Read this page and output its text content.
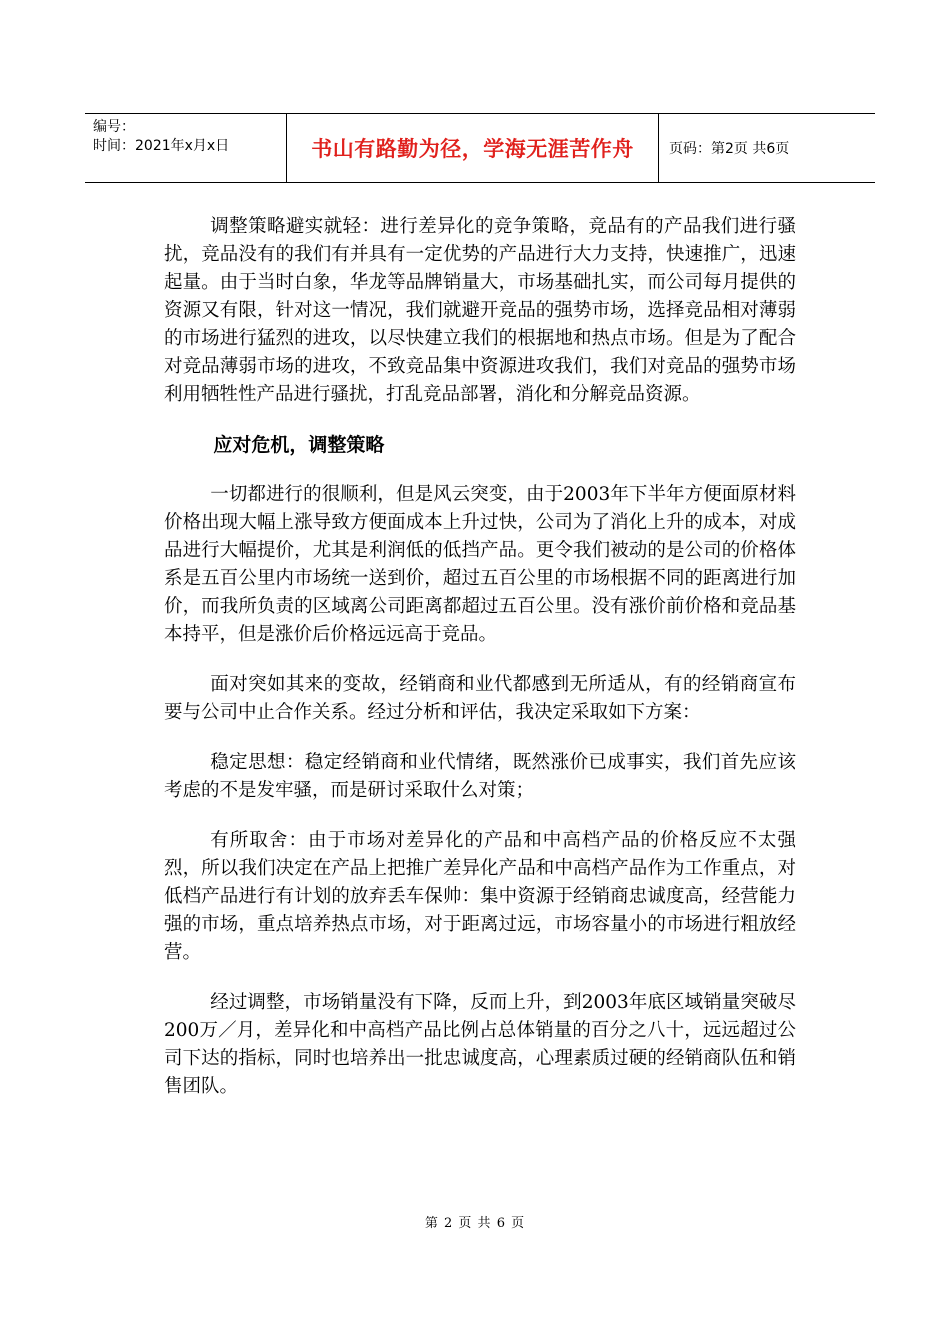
编号：
时间：2021年x月x日	书山有路勤为径，学海无涯苦作舟	页码：第2页 共6页

调整策略避实就轻：进行差异化的竞争策略，竞品有的产品我们进行骚扰，竞品没有的我们有并具有一定优势的产品进行大力支持，快速推广，迅速起量。由于当时白象，华龙等品牌销量大，市场基础扎实，而公司每月提供的资源又有限，针对这一情况，我们就避开竞品的强势市场，选择竞品相对薄弱的市场进行猛烈的进攻，以尽快建立我们的根据地和热点市场。但是为了配合对竞品薄弱市场的进攻，不致竞品集中资源进攻我们，我们对竞品的强势市场利用牺牲性产品进行骚扰，打乱竞品部署，消化和分解竞品资源。

应对危机，调整策略

一切都进行的很顺利，但是风云突变，由于2003年下半年方便面原材料价格出现大幅上涨导致方便面成本上升过快，公司为了消化上升的成本，对成品进行大幅提价，尤其是利润低的低挡产品。更令我们被动的是公司的价格体系是五百公里内市场统一送到价，超过五百公里的市场根据不同的距离进行加价，而我所负责的区域离公司距离都超过五百公里。没有涨价前价格和竞品基本持平，但是涨价后价格远远高于竞品。

面对突如其来的变故，经销商和业代都感到无所适从，有的经销商宣布要与公司中止合作关系。经过分析和评估，我决定采取如下方案：

稳定思想：稳定经销商和业代情绪，既然涨价已成事实，我们首先应该考虑的不是发牢骚，而是研讨采取什么对策；

有所取舍：由于市场对差异化的产品和中高档产品的价格反应不太强烈，所以我们决定在产品上把推广差异化产品和中高档产品作为工作重点，对低档产品进行有计划的放弃丢车保帅：集中资源于经销商忠诚度高，经营能力强的市场，重点培养热点市场，对于距离过远，市场容量小的市场进行粗放经营。

经过调整，市场销量没有下降，反而上升，到2003年底区域销量突破尽200万／月，差异化和中高档产品比例占总体销量的百分之八十，远远超过公司下达的指标，同时也培养出一批忠诚度高，心理素质过硬的经销商队伍和销售团队。

第 2 页 共 6 页
